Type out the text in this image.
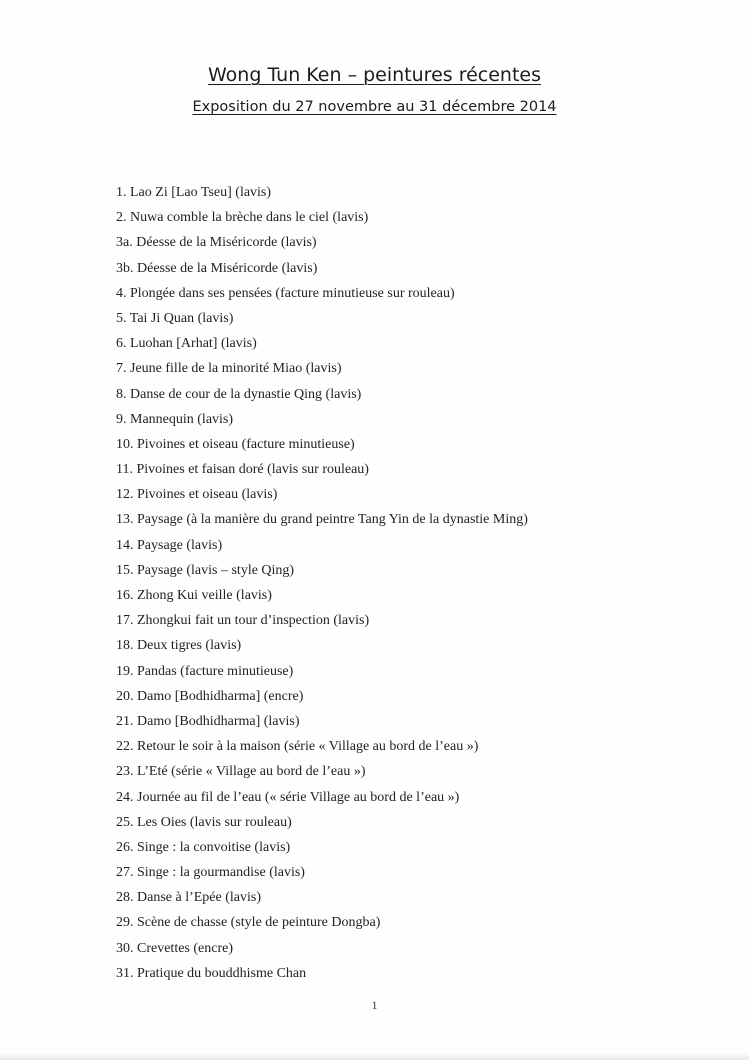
Wong Tun Ken – peintures récentes
Exposition du 27 novembre au 31 décembre 2014
1. Lao Zi [Lao Tseu] (lavis)
2. Nuwa comble la brèche dans le ciel (lavis)
3a. Déesse de la Miséricorde (lavis)
3b. Déesse de la Miséricorde (lavis)
4. Plongée dans ses pensées (facture minutieuse sur rouleau)
5. Tai Ji Quan (lavis)
6. Luohan [Arhat] (lavis)
7. Jeune fille de la minorité Miao (lavis)
8. Danse de cour de la dynastie Qing (lavis)
9. Mannequin (lavis)
10. Pivoines et oiseau (facture minutieuse)
11. Pivoines et faisan doré (lavis sur rouleau)
12. Pivoines et oiseau (lavis)
13. Paysage (à la manière du grand peintre Tang Yin de la dynastie Ming)
14. Paysage (lavis)
15. Paysage (lavis – style Qing)
16. Zhong Kui veille (lavis)
17. Zhongkui fait un tour d’inspection (lavis)
18. Deux tigres (lavis)
19. Pandas (facture minutieuse)
20. Damo [Bodhidharma] (encre)
21. Damo [Bodhidharma] (lavis)
22. Retour le soir à la maison (série « Village au bord de l’eau »)
23. L’Eté (série « Village au bord de l’eau »)
24. Journée au fil de l’eau (« série Village au bord de l’eau »)
25. Les Oies (lavis sur rouleau)
26. Singe : la convoitise (lavis)
27. Singe : la gourmandise (lavis)
28. Danse à l’Epée (lavis)
29. Scène de chasse (style de peinture Dongba)
30. Crevettes (encre)
31. Pratique du bouddhisme Chan
1
